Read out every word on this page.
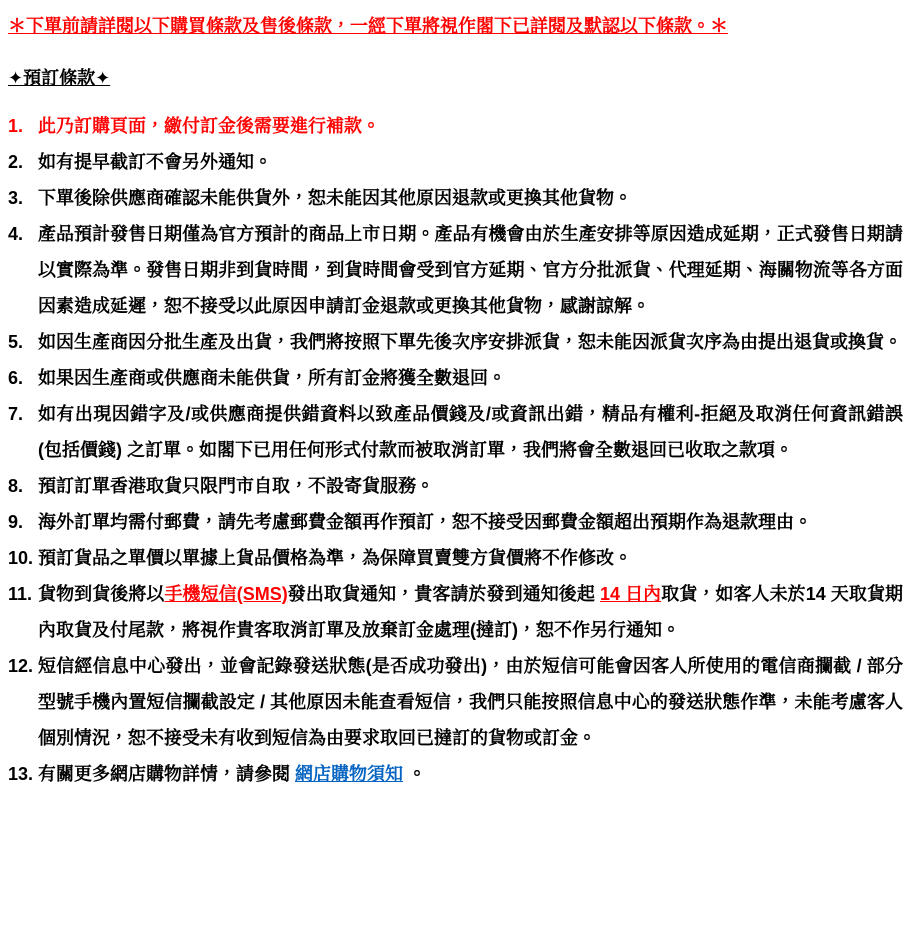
＊下單前請詳閱以下購買條款及售後條款，一經下單將視作閣下已詳閱及默認以下條款。＊
✦預訂條款✦
1. 此乃訂購頁面，繳付訂金後需要進行補款。
2. 如有提早截訂不會另外通知。
3. 下單後除供應商確認未能供貨外，恕未能因其他原因退款或更換其他貨物。
4. 產品預計發售日期僅為官方預計的商品上市日期。產品有機會由於生產安排等原因造成延期，正式發售日期請以實際為準。發售日期非到貨時間，到貨時間會受到官方延期、官方分批派貨、代理延期、海關物流等各方面因素造成延遲，恕不接受以此原因申請訂金退款或更換其他貨物，感謝諒解。
5. 如因生產商因分批生產及出貨，我們將按照下單先後次序安排派貨，恕未能因派貨次序為由提出退貨或換貨。
6. 如果因生產商或供應商未能供貨，所有訂金將獲全數退回。
7. 如有出現因錯字及/或供應商提供錯資料以致產品價錢及/或資訊出錯，精品有權利-拒絕及取消任何資訊錯誤(包括價錢) 之訂單。如閣下已用任何形式付款而被取消訂單，我們將會全數退回已收取之款項。
8. 預訂訂單香港取貨只限門市自取，不設寄貨服務。
9. 海外訂單均需付郵費，請先考慮郵費金額再作預訂，恕不接受因郵費金額超出預期作為退款理由。
10. 預訂貨品之單價以單據上貨品價格為準，為保障買賣雙方貨價將不作修改。
11. 貨物到貨後將以手機短信(SMS)發出取貨通知，貴客請於發到通知後起 14 日內取貨，如客人未於14 天取貨期內取貨及付尾款，將視作貴客取消訂單及放棄訂金處理(撻訂)，恕不作另行通知。
12. 短信經信息中心發出，並會記錄發送狀態(是否成功發出)，由於短信可能會因客人所使用的電信商攔截 / 部分型號手機內置短信攔截設定 / 其他原因未能查看短信，我們只能按照信息中心的發送狀態作準，未能考慮客人個別情況，恕不接受未有收到短信為由要求取回已撻訂的貨物或訂金。
13. 有關更多網店購物詳情，請參閱 網店購物須知 。
